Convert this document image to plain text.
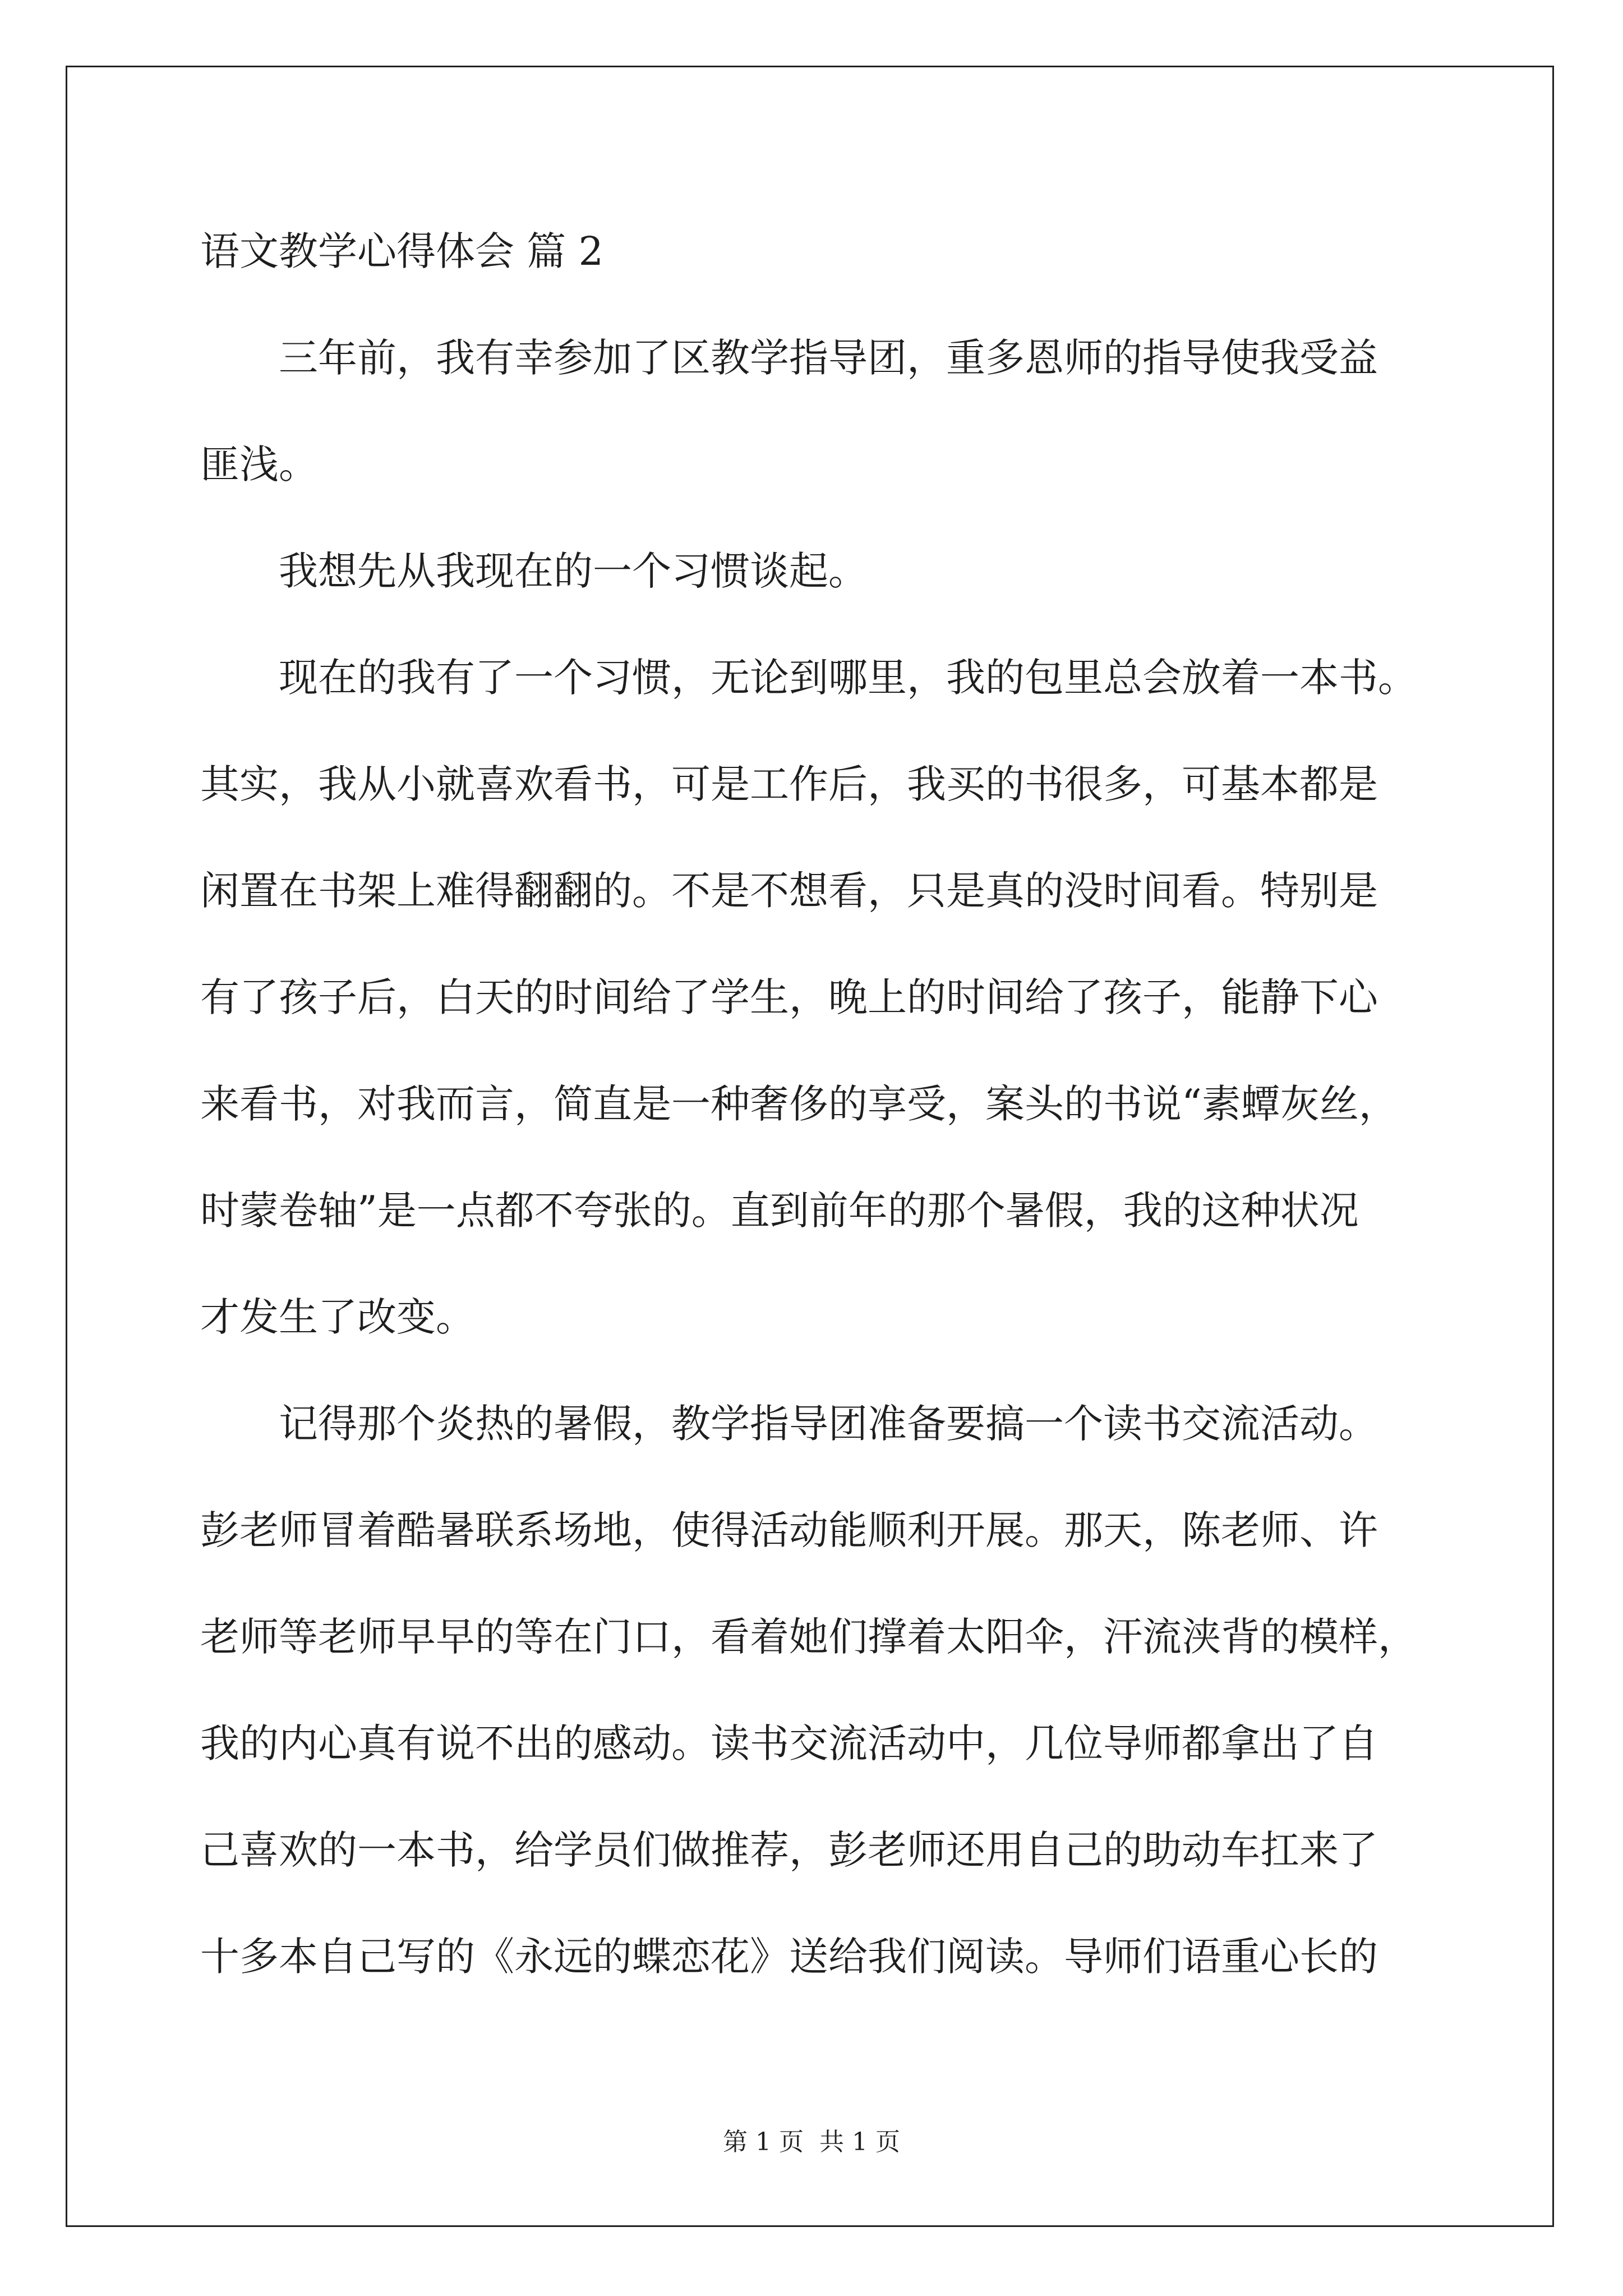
语文教学心得体会 篇 2
三年前，我有幸参加了区教学指导团，重多恩师的指导使我受益
匪浅。
我想先从我现在的一个习惯谈起。
现在的我有了一个习惯，无论到哪里，我的包里总会放着一本书。
其实，我从小就喜欢看书，可是工作后，我买的书很多，可基本都是
闲置在书架上难得翻翻的。不是不想看，只是真的没时间看。特别是
有了孩子后，白天的时间给了学生，晚上的时间给了孩子，能静下心
来看书，对我而言，简直是一种奢侈的享受，案头的书说“素蟫灰丝，
时蒙卷轴”是一点都不夸张的。直到前年的那个暑假，我的这种状况
才发生了改变。
记得那个炎热的暑假，教学指导团准备要搞一个读书交流活动。
彭老师冒着酷暑联系场地，使得活动能顺利开展。那天，陈老师、许
老师等老师早早的等在门口，看着她们撑着太阳伞，汗流浃背的模样，
我的内心真有说不出的感动。读书交流活动中，几位导师都拿出了自
己喜欢的一本书，给学员们做推荐，彭老师还用自己的助动车扛来了
十多本自己写的《永远的蝶恋花》送给我们阅读。导师们语重心长的
第 1 页  共 1 页
